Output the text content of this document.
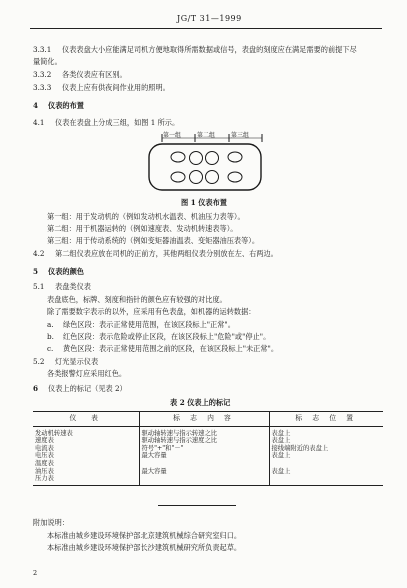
JG/T 31—1999
3.3.1 仪表表盘大小应能满足司机方便地取得所需数据或信号，表盘的刻度应在满足需要的前提下尽
量简化。
3.3.2 各类仪表应有区别。
3.3.3 仪表上应有供夜间作业用的照明。
4 仪表的布置
4.1 仪表在表盘上分成三组，如图 1 所示。
第一组	第二组	第三组
图 1 仪表布置
第一组：用于发动机的（例如发动机水温表、机油压力表等）。
第二组：用于机器运转的（例如速度表、发动机转速表等）。
第三组：用于传动系统的（例如变矩器油温表、变矩器油压表等）。
4.2 第二组仪表应放在司机的正前方，其他两组仪表分别放在左、右两边。
5 仪表的颜色
5.1 表盘类仪表
表盘底色，标牌、刻度和指针的颜色应有较强的对比度。
除了需要数字表示的以外，应采用有色表盘，如机器的运转数据：
a. 绿色区段：表示正常使用范围，在该区段标上"正常"。
b. 红色区段：表示危险或停止区段，在该区段标上"危险"或"停止"。
c. 黄色区段：表示正常使用范围之前的区段，在该区段标上"未正常"。
5.2 灯光显示仪表
各类报警灯应采用红色。
6 仪表上的标记（见表 2）
表 2 仪表上的标记
仪　表	标 志 内 容	标 志 位 置
发动机转速表	驱动轴转速与指示转速之比	表盘上
速度表	驱动轴转速与指示速度之比	表盘上
电流表	符号"+"和"－"	接线端附近的表盘上
电压表	最大容量	表盘上
温度表		
油压表	最大容量	表盘上
压力表		
附加说明：
本标准由城乡建设环境保护部北京建筑机械综合研究室归口。
本标准由城乡建设环境保护部长沙建筑机械研究所负责起草。
2
